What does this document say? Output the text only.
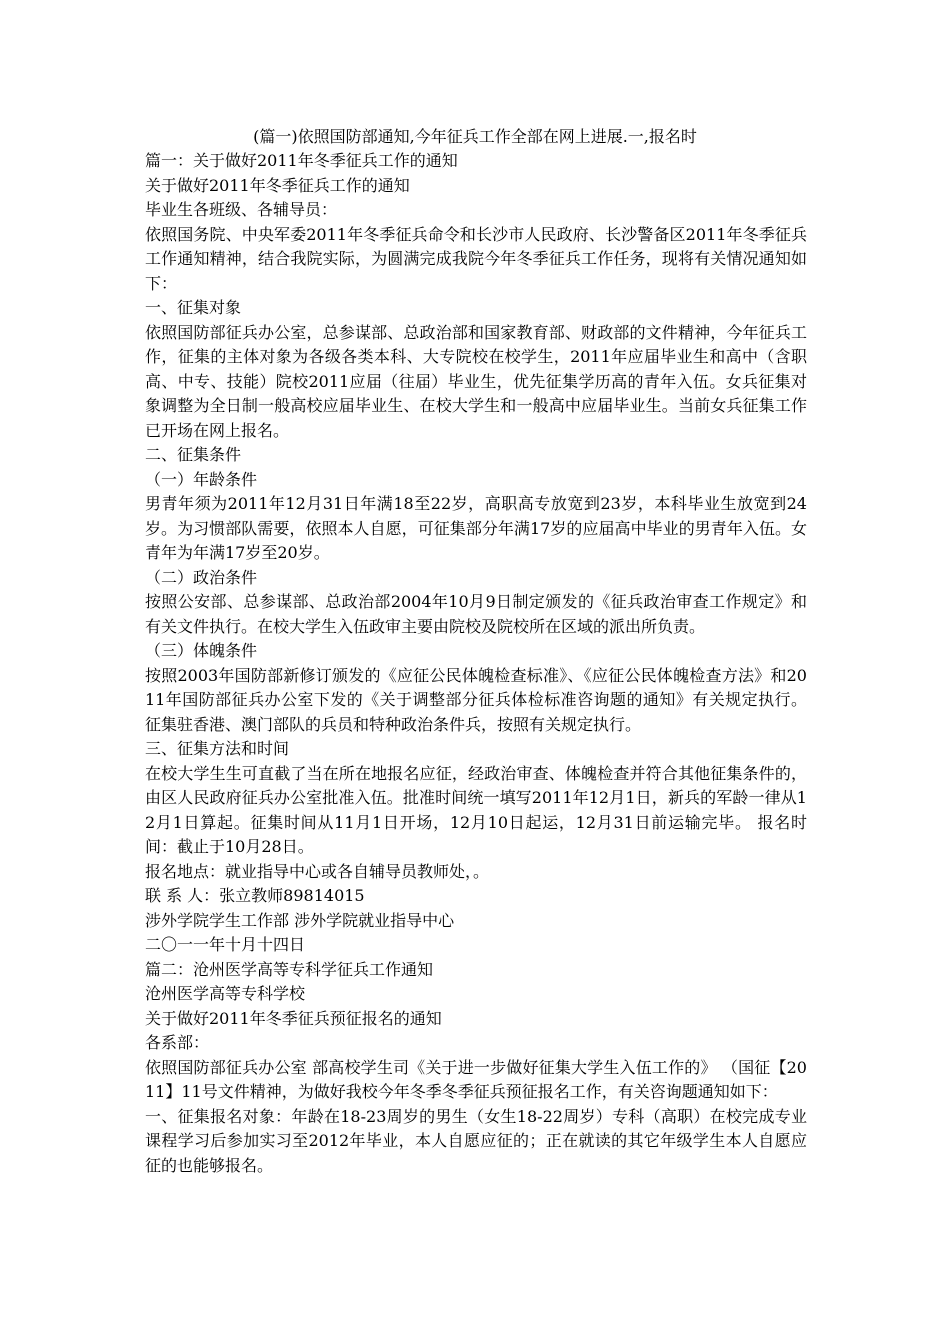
(篇一)依照国防部通知,今年征兵工作全部在网上进展.一,报名时

篇一：关于做好2011年冬季征兵工作的通知

关于做好2011年冬季征兵工作的通知

毕业生各班级、各辅导员：

依照国务院、中央军委2011年冬季征兵命令和长沙市人民政府、长沙警备区2011年冬季征兵工作通知精神，结合我院实际，为圆满完成我院今年冬季征兵工作任务，现将有关情况通知如下：

一、征集对象

依照国防部征兵办公室，总参谋部、总政治部和国家教育部、财政部的文件精神，今年征兵工作，征集的主体对象为各级各类本科、大专院校在校学生，2011年应届毕业生和高中（含职高、中专、技能）院校2011应届（往届）毕业生，优先征集学历高的青年入伍。女兵征集对象调整为全日制一般高校应届毕业生、在校大学生和一般高中应届毕业生。当前女兵征集工作已开场在网上报名。

二、征集条件

（一）年龄条件

男青年须为2011年12月31日年满18至22岁，高职高专放宽到23岁，本科毕业生放宽到24岁。为习惯部队需要，依照本人自愿，可征集部分年满17岁的应届高中毕业的男青年入伍。女青年为年满17岁至20岁。

（二）政治条件

按照公安部、总参谋部、总政治部2004年10月9日制定颁发的《征兵政治审查工作规定》和有关文件执行。在校大学生入伍政审主要由院校及院校所在区域的派出所负责。

（三）体魄条件

按照2003年国防部新修订颁发的《应征公民体魄检查标准》、《应征公民体魄检查方法》和2011年国防部征兵办公室下发的《关于调整部分征兵体检标准咨询题的通知》有关规定执行。 征集驻香港、澳门部队的兵员和特种政治条件兵，按照有关规定执行。

三、征集方法和时间

在校大学生生可直截了当在所在地报名应征，经政治审查、体魄检查并符合其他征集条件的，由区人民政府征兵办公室批准入伍。批准时间统一填写2011年12月1日，新兵的军龄一律从12月1日算起。征集时间从11月1日开场，12月10日起运，12月31日前运输完毕。 报名时间：截止于10月28日。

报名地点：就业指导中心或各自辅导员教师处，。

联 系 人：张立教师89814015

涉外学院学生工作部 涉外学院就业指导中心

二〇一一年十月十四日

篇二：沧州医学高等专科学征兵工作通知

沧州医学高等专科学校

关于做好2011年冬季征兵预征报名的通知

各系部：

依照国防部征兵办公室 部高校学生司《关于进一步做好征集大学生入伍工作的》 （国征【2011】11号文件精神，为做好我校今年冬季冬季征兵预征报名工作，有关咨询题通知如下：

一、征集报名对象：年龄在18-23周岁的男生（女生18-22周岁）专科（高职）在校完成专业课程学习后参加实习至2012年毕业，本人自愿应征的；正在就读的其它年级学生本人自愿应征的也能够报名。
